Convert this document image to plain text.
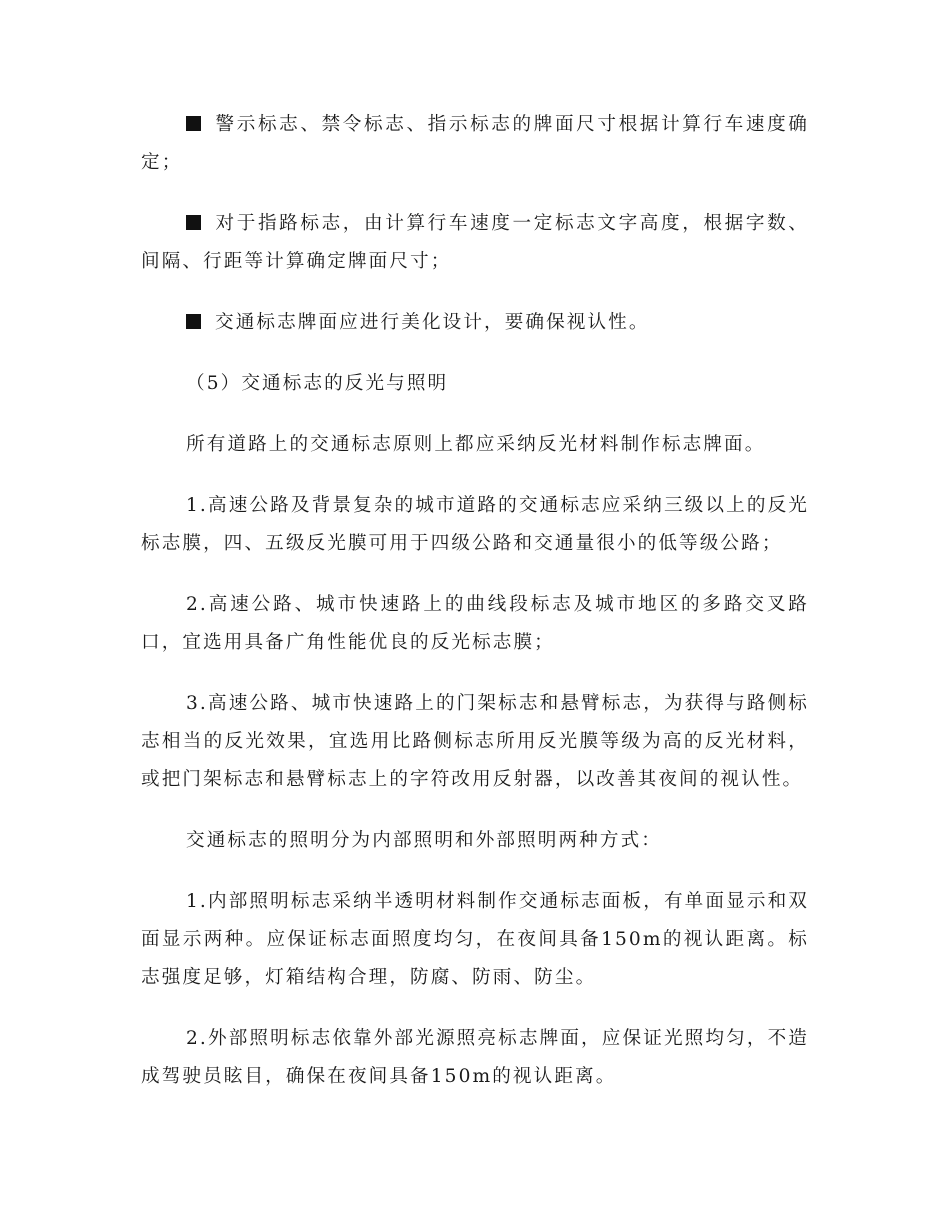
警示标志、禁令标志、指示标志的牌面尺寸根据计算行车速度确定；

对于指路标志，由计算行车速度一定标志文字高度，根据字数、间隔、行距等计算确定牌面尺寸；

交通标志牌面应进行美化设计，要确保视认性。

（5）交通标志的反光与照明

所有道路上的交通标志原则上都应采纳反光材料制作标志牌面。

1.高速公路及背景复杂的城市道路的交通标志应采纳三级以上的反光标志膜，四、五级反光膜可用于四级公路和交通量很小的低等级公路；

2.高速公路、城市快速路上的曲线段标志及城市地区的多路交叉路口，宜选用具备广角性能优良的反光标志膜；

3.高速公路、城市快速路上的门架标志和悬臂标志，为获得与路侧标志相当的反光效果，宜选用比路侧标志所用反光膜等级为高的反光材料，或把门架标志和悬臂标志上的字符改用反射器，以改善其夜间的视认性。

交通标志的照明分为内部照明和外部照明两种方式：

1.内部照明标志采纳半透明材料制作交通标志面板，有单面显示和双面显示两种。应保证标志面照度均匀，在夜间具备150m的视认距离。标志强度足够，灯箱结构合理，防腐、防雨、防尘。

2.外部照明标志依靠外部光源照亮标志牌面，应保证光照均匀，不造成驾驶员眩目，确保在夜间具备150m的视认距离。
